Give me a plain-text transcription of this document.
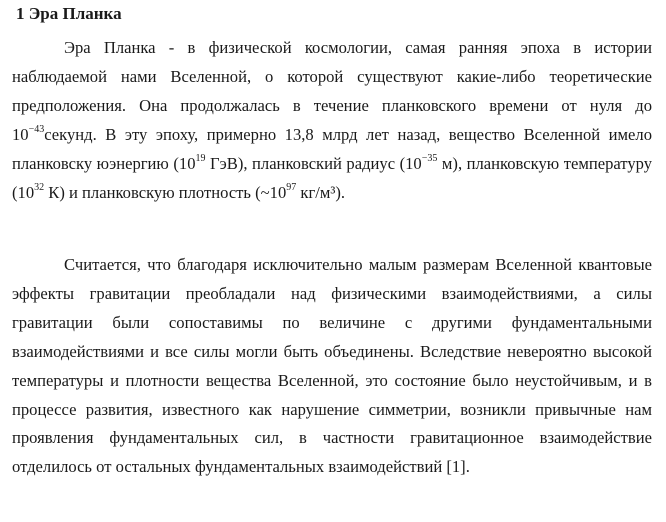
1 Эра Планка

Эра Планка - в физической космологии, самая ранняя эпоха в истории наблюдаемой нами Вселенной, о которой существуют какие-либо теоретические предположения. Она продолжалась в течение планковского времени от нуля до $10^{-43}секунд$. В эту эпоху, примерно 13,8 млрд лет назад, вещество Вселенной имело планковску юэнергию ($10^{19}$ ГэВ), планковский радиус ($10^{-35}$ м), планковскую температуру ($10^{32}$ К) и планковскую плотность ($\sim 10^{97}$ кг/м³).

Считается, что благодаря исключительно малым размерам Вселенной квантовые эффекты гравитации преобладали над физическими взаимодействиями, а силы гравитации были сопоставимы по величине с другими фундаментальными взаимодействиями и все силы могли быть объединены. Вследствие невероятно высокой температуры и плотности вещества Вселенной, это состояние было неустойчивым, и в процессе развития, известного как нарушение симметрии, возникли привычные нам проявления фундаментальных сил, в частности гравитационное взаимодействие отделилось от остальных фундаментальных взаимодействий [1].
